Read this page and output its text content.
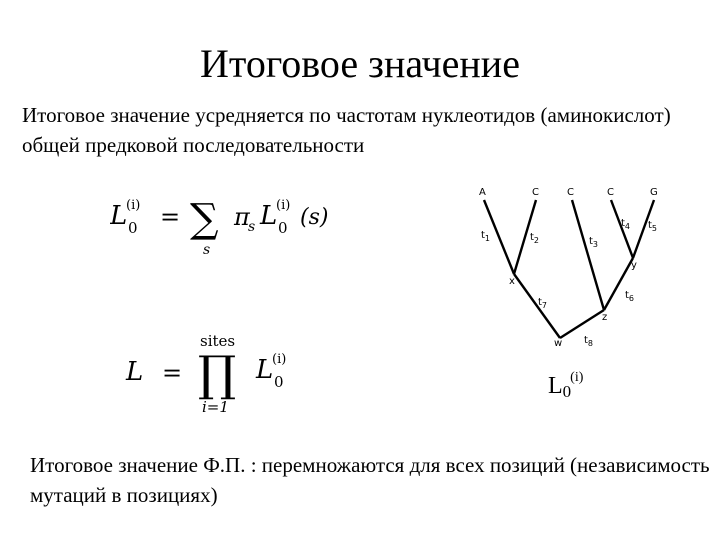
Итоговое значение
Итоговое значение усредняется по частотам нуклеотидов (аминокислот) общей предковой последовательности
L 0
(i) = ∑
s
π
s L 0
(i) (s)
L =
sites
∏
i=1
L 0
(i)
A	C	C	C	G
x
y
z
w
$t_1$	$t_2$	$t_3$
$t_4$ $t_5$
$t_6$
$t_7$
$t_8$
$L_0^{(i)}$
Итоговое значение Ф.П. : перемножаются для всех позиций (независимость мутаций в позициях)
